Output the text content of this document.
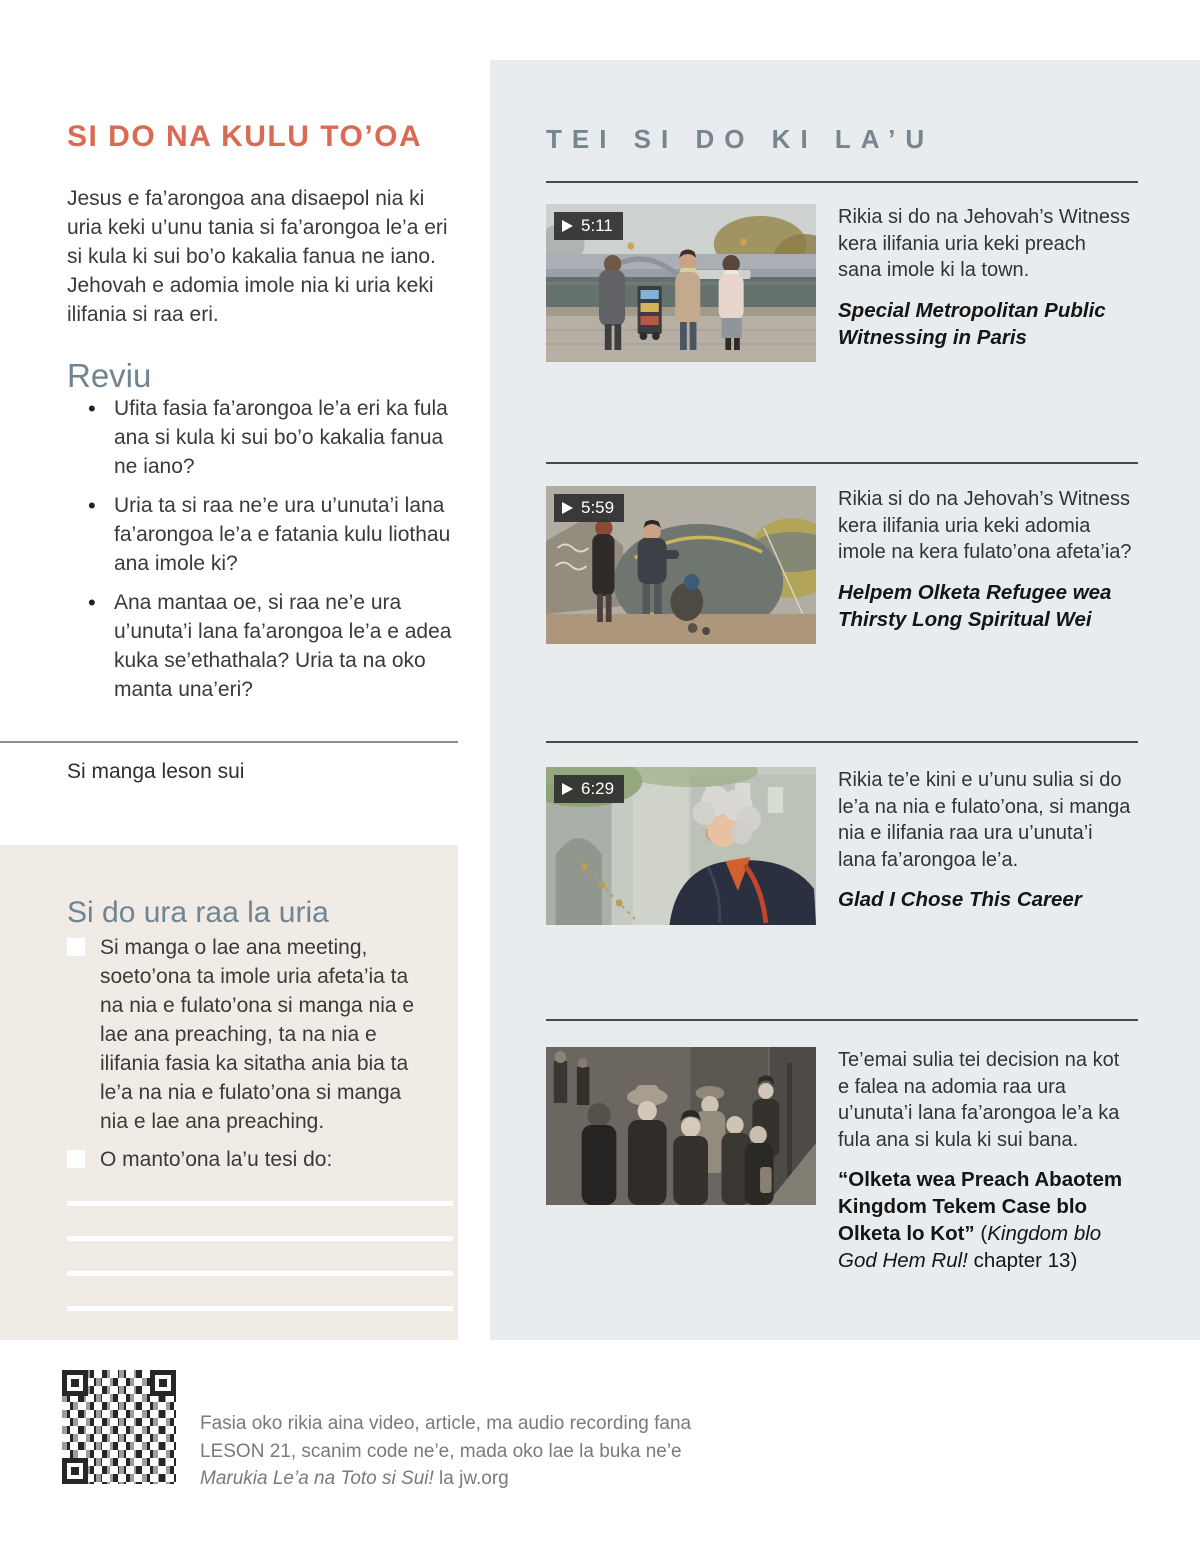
SI DO NA KULU TO’OA

Jesus e fa’arongoa ana disaepol nia ki uria keki u’unu tania si fa’arongoa le’a eri si kula ki sui bo’o kakalia fanua ne iano. Jehovah e adomia imole nia ki uria keki ilifania si raa eri.

Reviu
• Ufita fasia fa’arongoa le’a eri ka fula ana si kula ki sui bo’o kakalia fanua ne iano?
• Uria ta si raa ne’e ura u’unuta’i lana fa’arongoa le’a e fatania kulu liothau ana imole ki?
• Ana mantaa oe, si raa ne’e ura u’unuta’i lana fa’arongoa le’a e adea kuka se’ethathala? Uria ta na oko manta una’eri?
Si manga leson sui
Si do ura raa la uria
Si manga o lae ana meeting, soeto’ona ta imole uria afeta’ia ta na nia e fulato’ona si manga nia e lae ana preaching, ta na nia e ilifania fasia ka sitatha ania bia ta le’a na nia e fulato’ona si manga nia e lae ana preaching.
O manto’ona la’u tesi do:
Fasia oko rikia aina video, article, ma audio recording fana
LESON 21, scanim code ne’e, mada oko lae la buka ne’e
Marukia Le’a na Toto si Sui! la jw.org
TEI SI DO KI LA’U
5:11	Rikia si do na Jehovah’s Witness kera ilifania uria keki preach sana imole ki la town.

Special Metropolitan Public Witnessing in Paris

5:59	Rikia si do na Jehovah’s Witness kera ilifania uria keki adomia imole na kera fulato’ona afeta’ia?

Helpem Olketa Refugee wea Thirsty Long Spiritual Wei

6:29	Rikia te’e kini e u’unu sulia si do le’a na nia e fulato’ona, si manga nia e ilifania raa ura u’unuta’i lana fa’arongoa le’a.

Glad I Chose This Career

Te’emai sulia tei decision na kot e falea na adomia raa ura u’unuta’i lana fa’arongoa le’a ka fula ana si kula ki sui bana.

“Olketa wea Preach Abaotem Kingdom Tekem Case blo Olketa lo Kot” (Kingdom blo God Hem Rul! chapter 13)
